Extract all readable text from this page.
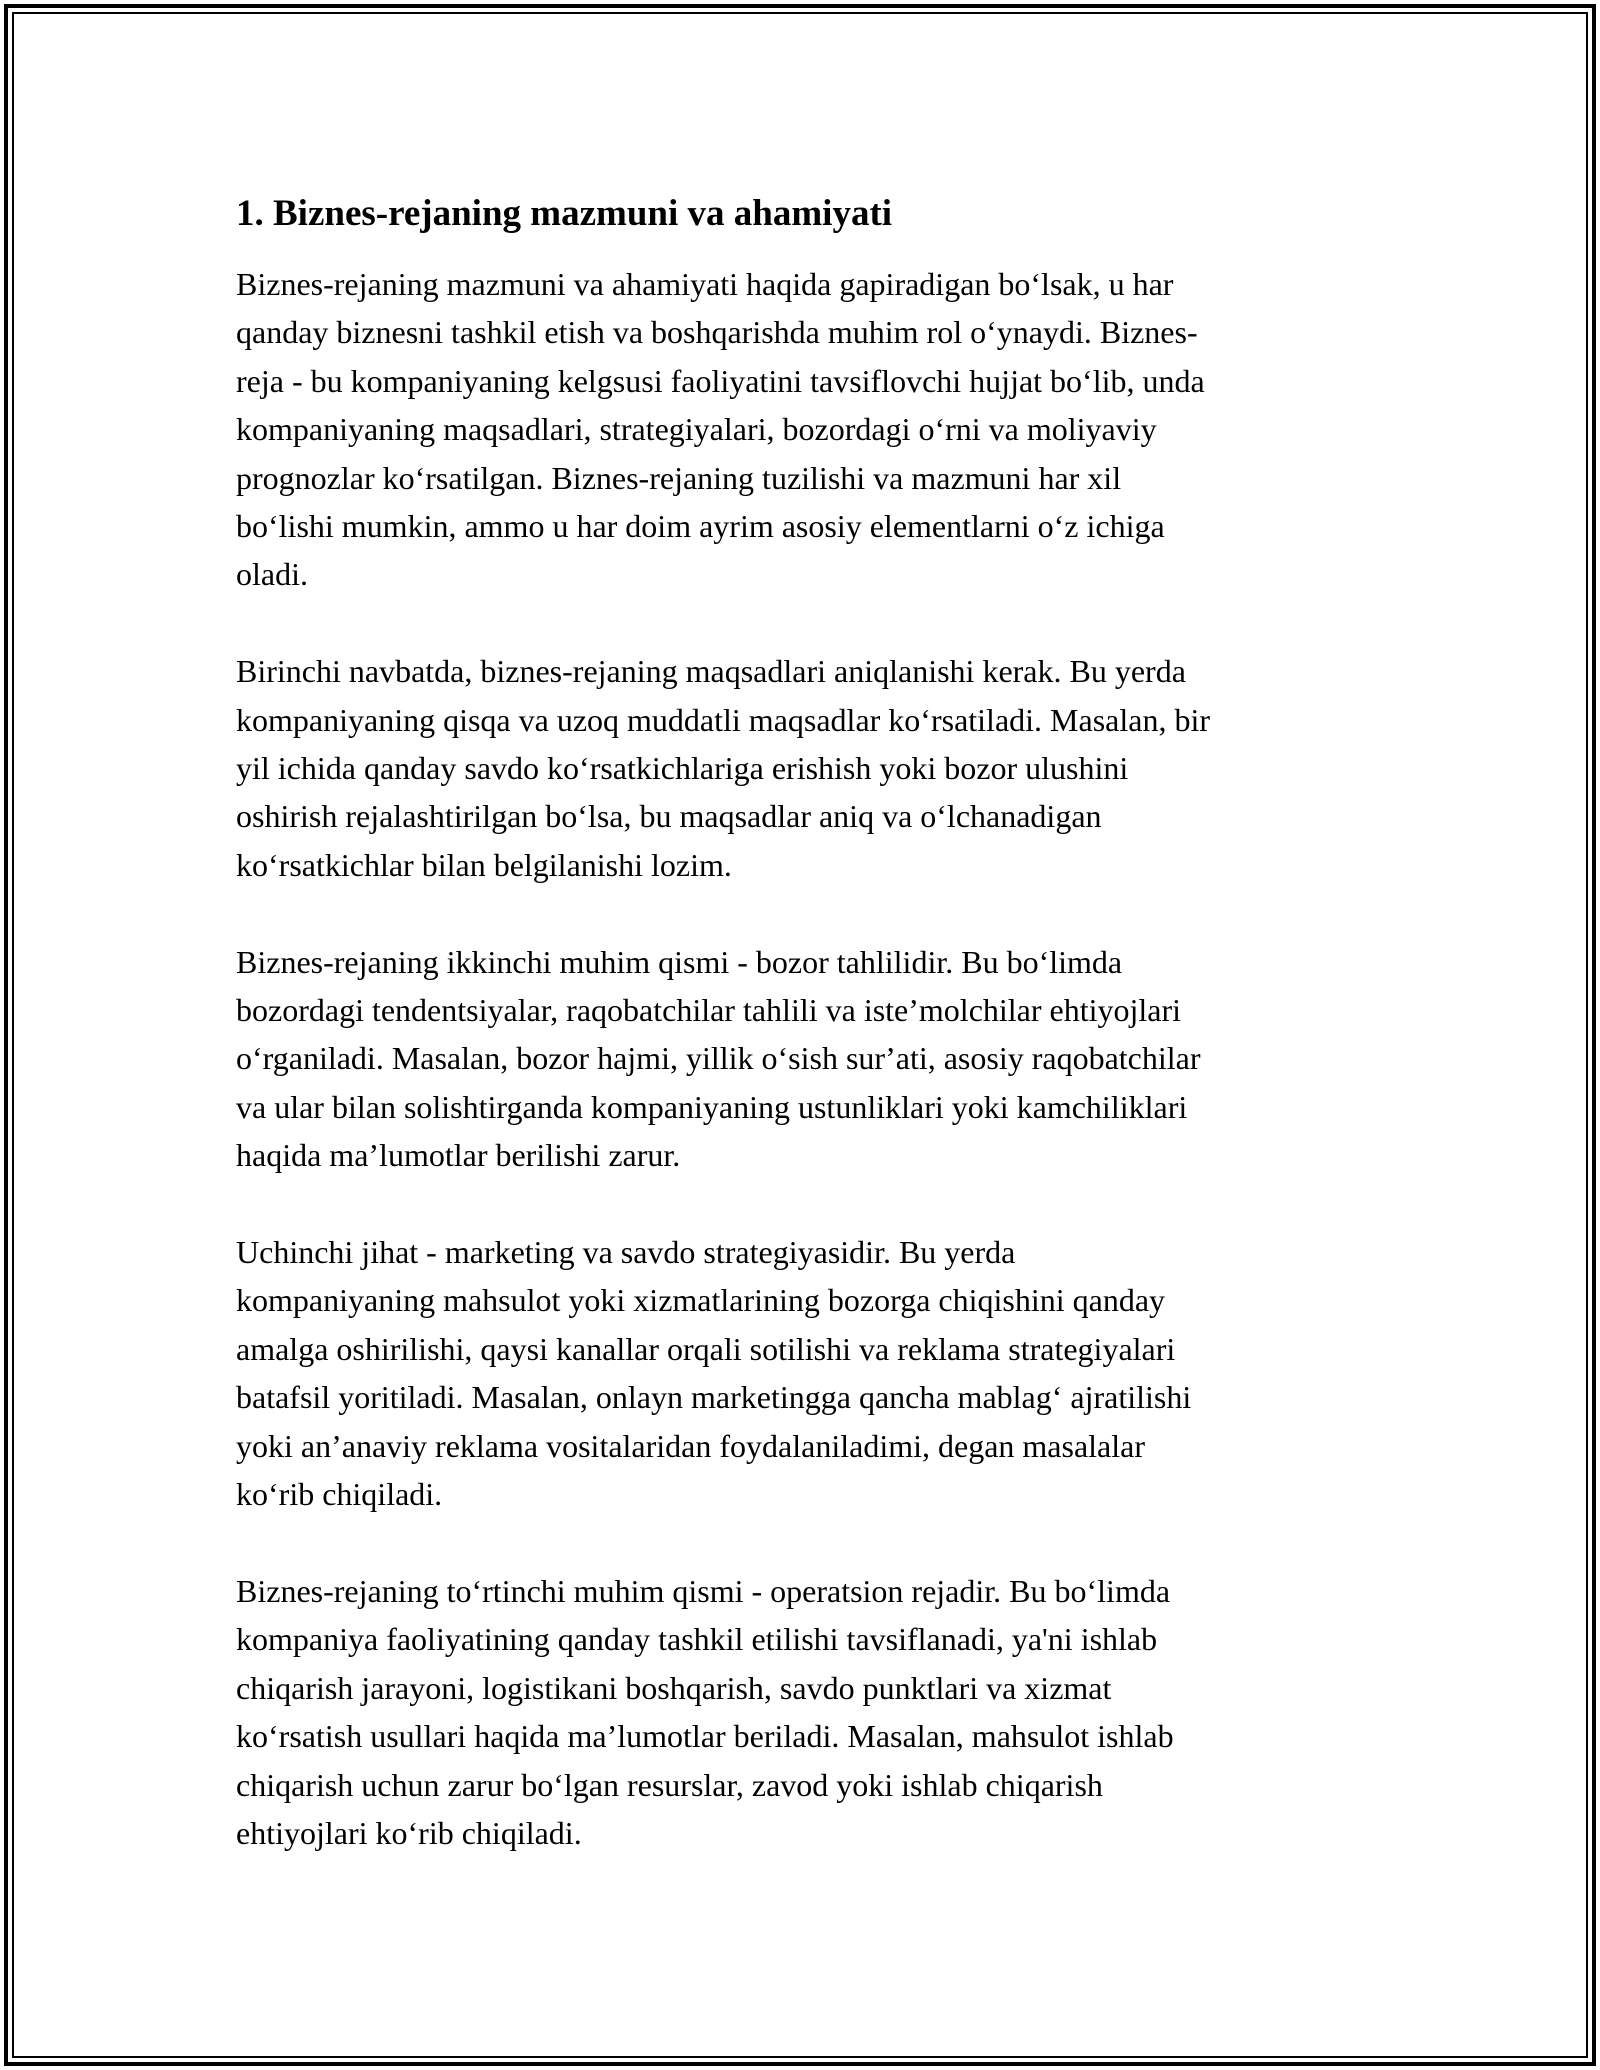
1. Biznes-rejaning mazmuni va ahamiyati

Biznes-rejaning mazmuni va ahamiyati haqida gapiradigan boʻlsak, u har
qanday biznesni tashkil etish va boshqarishda muhim rol oʻynaydi. Biznes-
reja - bu kompaniyaning kelgsusi faoliyatini tavsiflovchi hujjat boʻlib, unda
kompaniyaning maqsadlari, strategiyalari, bozordagi oʻrni va moliyaviy
prognozlar koʻrsatilgan. Biznes-rejaning tuzilishi va mazmuni har xil
boʻlishi mumkin, ammo u har doim ayrim asosiy elementlarni oʻz ichiga
oladi.

Birinchi navbatda, biznes-rejaning maqsadlari aniqlanishi kerak. Bu yerda
kompaniyaning qisqa va uzoq muddatli maqsadlar koʻrsatiladi. Masalan, bir
yil ichida qanday savdo koʻrsatkichlariga erishish yoki bozor ulushini
oshirish rejalashtirilgan boʻlsa, bu maqsadlar aniq va oʻlchanadigan
koʻrsatkichlar bilan belgilanishi lozim.

Biznes-rejaning ikkinchi muhim qismi - bozor tahlilidir. Bu boʻlimda
bozordagi tendentsiyalar, raqobatchilar tahlili va isteʼmolchilar ehtiyojlari
oʻrganiladi. Masalan, bozor hajmi, yillik oʻsish surʼati, asosiy raqobatchilar
va ular bilan solishtirganda kompaniyaning ustunliklari yoki kamchiliklari
haqida maʼlumotlar berilishi zarur.

Uchinchi jihat - marketing va savdo strategiyasidir. Bu yerda
kompaniyaning mahsulot yoki xizmatlarining bozorga chiqishini qanday
amalga oshirilishi, qaysi kanallar orqali sotilishi va reklama strategiyalari
batafsil yoritiladi. Masalan, onlayn marketingga qancha mablagʻ ajratilishi
yoki anʼanaviy reklama vositalaridan foydalaniladimi, degan masalalar
koʻrib chiqiladi.

Biznes-rejaning toʻrtinchi muhim qismi - operatsion rejadir. Bu boʻlimda
kompaniya faoliyatining qanday tashkil etilishi tavsiflanadi, ya'ni ishlab
chiqarish jarayoni, logistikani boshqarish, savdo punktlari va xizmat
koʻrsatish usullari haqida maʼlumotlar beriladi. Masalan, mahsulot ishlab
chiqarish uchun zarur boʻlgan resurslar, zavod yoki ishlab chiqarish
ehtiyojlari koʻrib chiqiladi.
